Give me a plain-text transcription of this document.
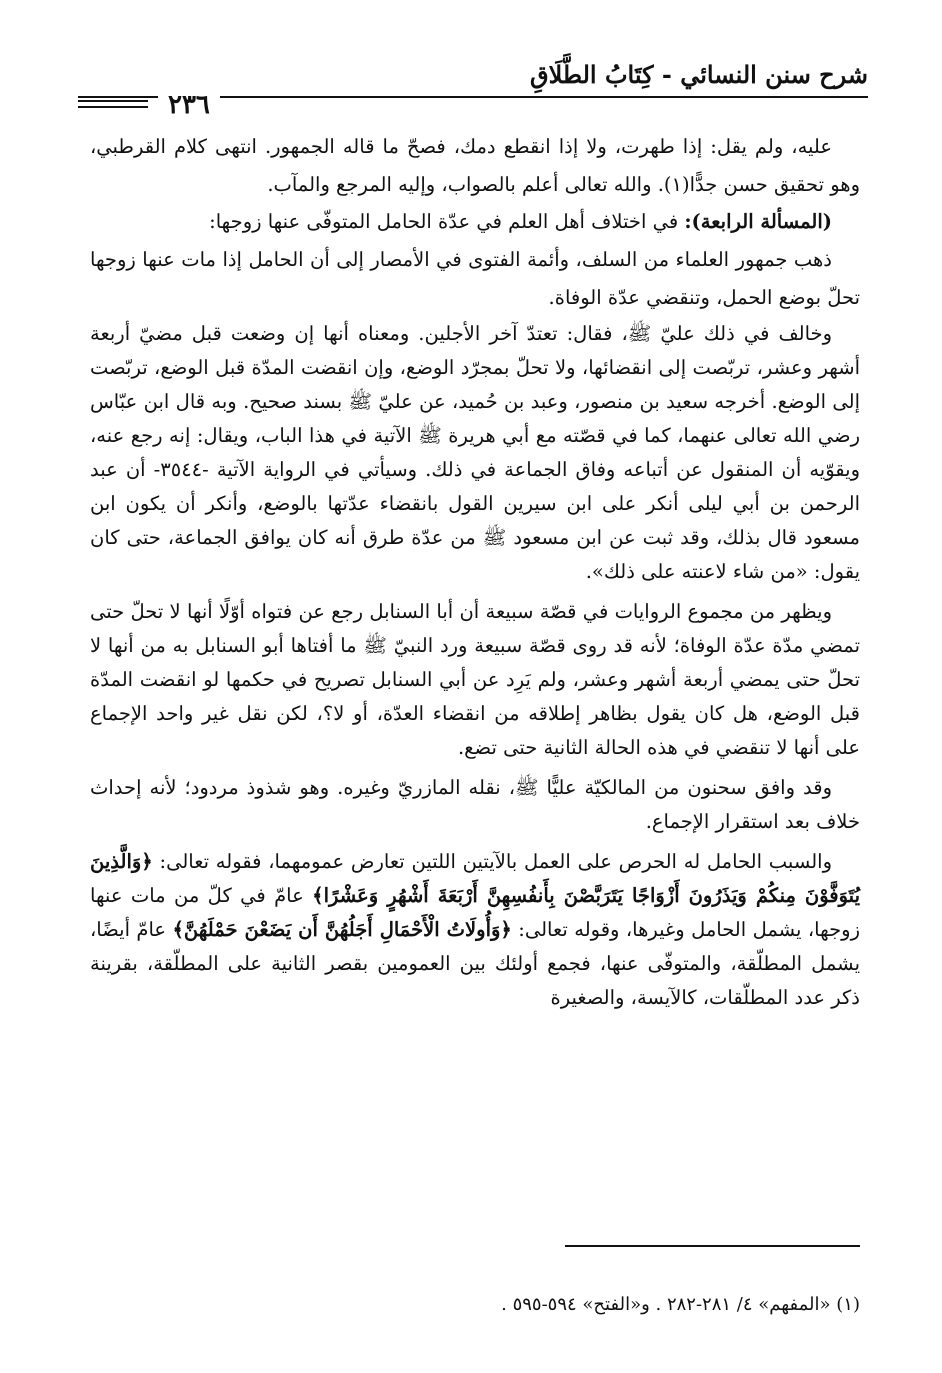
شرح سنن النسائي - كِتَابُ الطَّلَاقِ
٢٣٦

عليه، ولم يقل: إذا طهرت، ولا إذا انقطع دمك، فصحّ ما قاله الجمهور. انتهى كلام القرطبي، وهو تحقيق حسن جدًّا(١). والله تعالى أعلم بالصواب، وإليه المرجع والمآب.

(المسألة الرابعة): في اختلاف أهل العلم في عدّة الحامل المتوفّى عنها زوجها:

ذهب جمهور العلماء من السلف، وأئمة الفتوى في الأمصار إلى أن الحامل إذا مات عنها زوجها تحلّ بوضع الحمل، وتنقضي عدّة الوفاة.

وخالف في ذلك عليّ ﷺ، فقال: تعتدّ آخر الأجلين. ومعناه أنها إن وضعت قبل مضيّ أربعة أشهر وعشر، تربّصت إلى انقضائها، ولا تحلّ بمجرّد الوضع، وإن انقضت المدّة قبل الوضع، تربّصت إلى الوضع. أخرجه سعيد بن منصور، وعبد بن حُميد، عن عليّ ﷺ بسند صحيح. وبه قال ابن عبّاس رضي الله تعالى عنهما، كما في قصّته مع أبي هريرة ﷺ الآتية في هذا الباب، ويقال: إنه رجع عنه، ويقوّيه أن المنقول عن أتباعه وفاق الجماعة في ذلك. وسيأتي في الرواية الآتية -٣٥٤٤- أن عبد الرحمن بن أبي ليلى أنكر على ابن سيرين القول بانقضاء عدّتها بالوضع، وأنكر أن يكون ابن مسعود قال بذلك، وقد ثبت عن ابن مسعود ﷺ من عدّة طرق أنه كان يوافق الجماعة، حتى كان يقول: «من شاء لاعنته على ذلك».

ويظهر من مجموع الروايات في قصّة سبيعة أن أبا السنابل رجع عن فتواه أوّلًا أنها لا تحلّ حتى تمضي مدّة عدّة الوفاة؛ لأنه قد روى قصّة سبيعة ورد النبيّ ﷺ ما أفتاها أبو السنابل به من أنها لا تحلّ حتى يمضي أربعة أشهر وعشر، ولم يَرِد عن أبي السنابل تصريح في حكمها لو انقضت المدّة قبل الوضع، هل كان يقول بظاهر إطلاقه من انقضاء العدّة، أو لا؟، لكن نقل غير واحد الإجماع على أنها لا تنقضي في هذه الحالة الثانية حتى تضع.

وقد وافق سحنون من المالكيّة عليًّا ﷺ، نقله المازريّ وغيره. وهو شذوذ مردود؛ لأنه إحداث خلاف بعد استقرار الإجماع.

والسبب الحامل له الحرص على العمل بالآيتين اللتين تعارض عمومهما، فقوله تعالى: ﴿وَالَّذِينَ يُتَوَفَّوْنَ مِنكُمْ وَيَذَرُونَ أَزْوَاجًا يَتَرَبَّصْنَ بِأَنفُسِهِنَّ أَرْبَعَةَ أَشْهُرٍ وَعَشْرًا﴾ عامّ في كلّ من مات عنها زوجها، يشمل الحامل وغيرها، وقوله تعالى: ﴿وَأُولَاتُ الْأَحْمَالِ أَجَلُهُنَّ أَن يَضَعْنَ حَمْلَهُنَّ﴾ عامّ أيضًا، يشمل المطلّقة، والمتوفّى عنها، فجمع أولئك بين العمومين بقصر الثانية على المطلّقة، بقرينة ذكر عدد المطلّقات، كالآيسة، والصغيرة

(١) «المفهم» ٤/ ٢٨١-٢٨٢ . و«الفتح» ٥٩٤-٥٩٥ .
